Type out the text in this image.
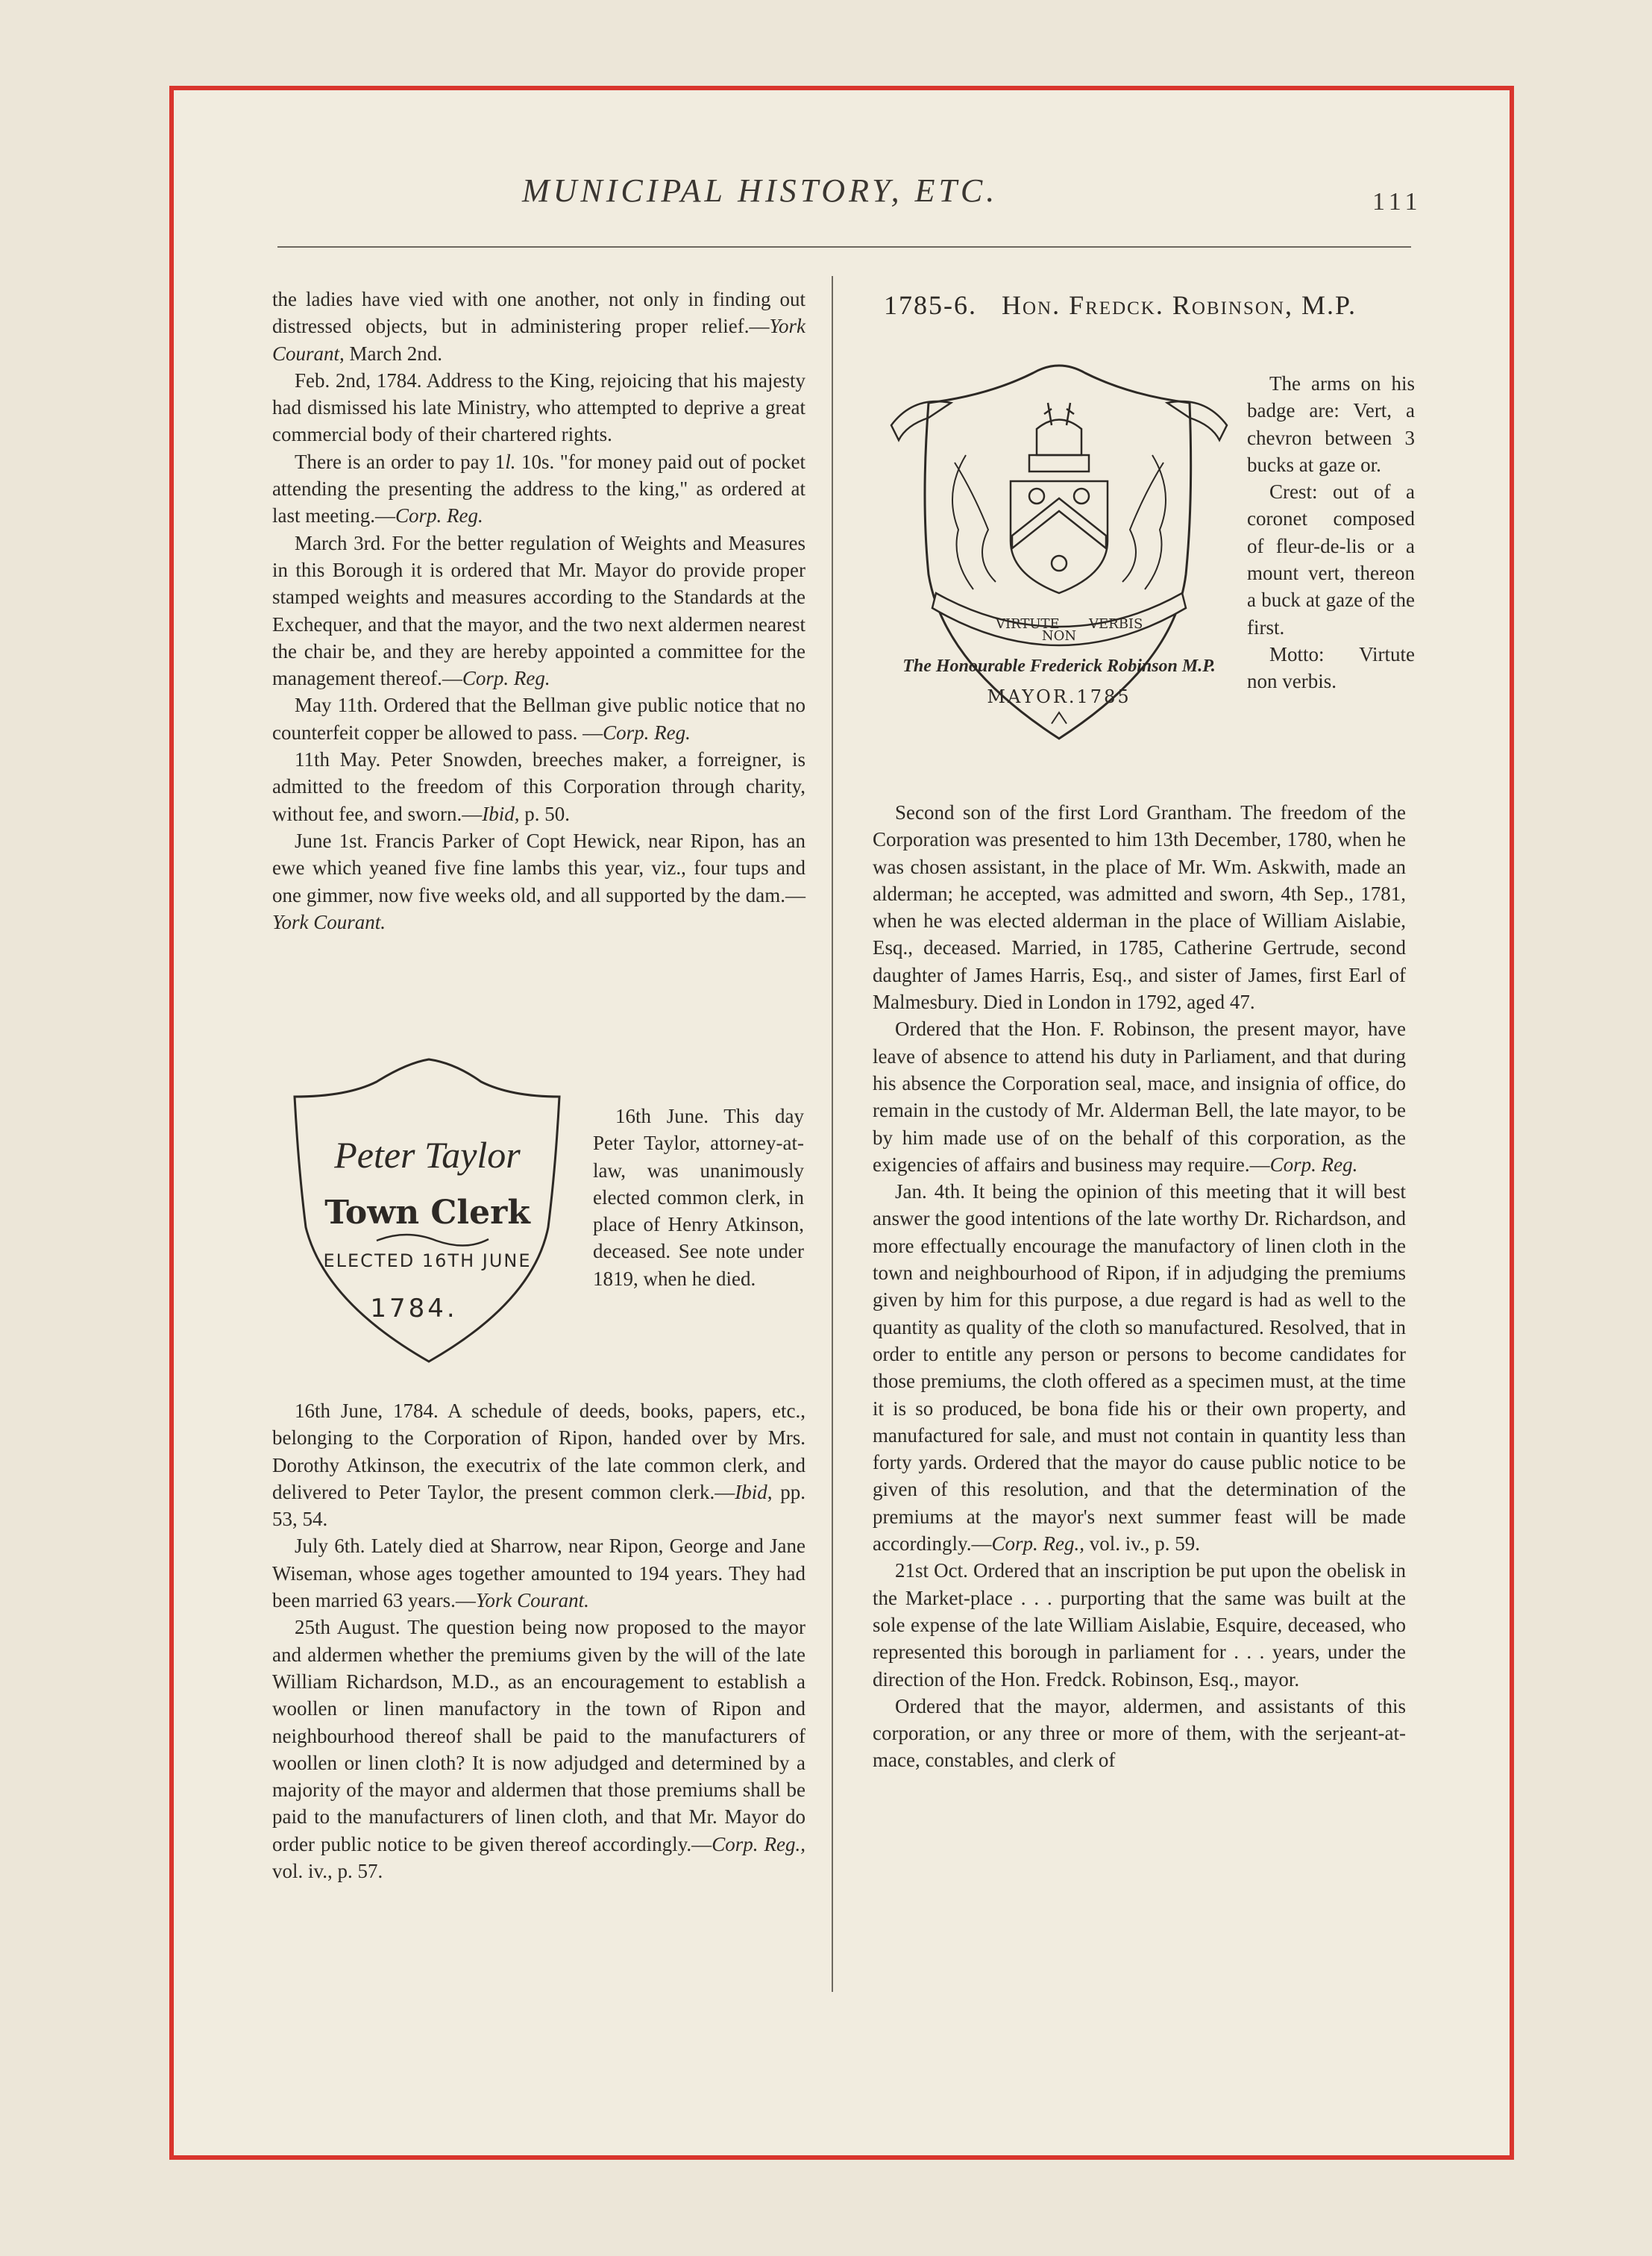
MUNICIPAL HISTORY, ETC.	111

the ladies have vied with one another, not only in finding out distressed objects, but in administering proper relief.—York Courant, March 2nd.

Feb. 2nd, 1784. Address to the King, rejoicing that his majesty had dismissed his late Ministry, who attempted to deprive a great commercial body of their chartered rights.

There is an order to pay 1l. 10s. "for money paid out of pocket attending the presenting the address to the king," as ordered at last meeting.—Corp. Reg.

March 3rd. For the better regulation of Weights and Measures in this Borough it is ordered that Mr. Mayor do provide proper stamped weights and measures according to the Standards at the Exchequer, and that the mayor, and the two next aldermen nearest the chair be, and they are hereby appointed a committee for the management thereof.—Corp. Reg.

May 11th. Ordered that the Bellman give public notice that no counterfeit copper be allowed to pass. —Corp. Reg.

11th May. Peter Snowden, breeches maker, a forreigner, is admitted to the freedom of this Corporation through charity, without fee, and sworn.—Ibid, p. 50.

June 1st. Francis Parker of Copt Hewick, near Ripon, has an ewe which yeaned five fine lambs this year, viz., four tups and one gimmer, now five weeks old, and all supported by the dam.—York Courant.

Peter Taylor
Town Clerk
ELECTED 16TH JUNE
1784.

16th June. This day Peter Taylor, attorney-at-law, was unanimously elected common clerk, in place of Henry Atkinson, deceased. See note under 1819, when he died.

16th June, 1784. A schedule of deeds, books, papers, etc., belonging to the Corporation of Ripon, handed over by Mrs. Dorothy Atkinson, the executrix of the late common clerk, and delivered to Peter Taylor, the present common clerk.—Ibid, pp. 53, 54.

July 6th. Lately died at Sharrow, near Ripon, George and Jane Wiseman, whose ages together amounted to 194 years. They had been married 63 years.—York Courant.

25th August. The question being now proposed to the mayor and aldermen whether the premiums given by the will of the late William Richardson, M.D., as an encouragement to establish a woollen or linen manufactory in the town of Ripon and neighbourhood thereof shall be paid to the manufacturers of woollen or linen cloth? It is now adjudged and determined by a majority of the mayor and aldermen that those premiums shall be paid to the manufacturers of linen cloth, and that Mr. Mayor do order public notice to be given thereof accordingly.—Corp. Reg., vol. iv., p. 57.

1785-6. Hon. Fredck. Robinson, M.P.
VIRTUTE
NON
VERBIS
The Honourable Frederick Robinson M.P.
MAYOR.1785

The arms on his badge are: Vert, a chevron between 3 bucks at gaze or.

Crest: out of a coronet composed of fleur-de-lis or a mount vert, thereon a buck at gaze of the first.

Motto: Virtute non verbis.

Second son of the first Lord Grantham. The freedom of the Corporation was presented to him 13th December, 1780, when he was chosen assistant, in the place of Mr. Wm. Askwith, made an alderman; he accepted, was admitted and sworn, 4th Sep., 1781, when he was elected alderman in the place of William Aislabie, Esq., deceased. Married, in 1785, Catherine Gertrude, second daughter of James Harris, Esq., and sister of James, first Earl of Malmesbury. Died in London in 1792, aged 47.

Ordered that the Hon. F. Robinson, the present mayor, have leave of absence to attend his duty in Parliament, and that during his absence the Corporation seal, mace, and insignia of office, do remain in the custody of Mr. Alderman Bell, the late mayor, to be by him made use of on the behalf of this corporation, as the exigencies of affairs and business may require.—Corp. Reg.

Jan. 4th. It being the opinion of this meeting that it will best answer the good intentions of the late worthy Dr. Richardson, and more effectually encourage the manufactory of linen cloth in the town and neighbourhood of Ripon, if in adjudging the premiums given by him for this purpose, a due regard is had as well to the quantity as quality of the cloth so manufactured. Resolved, that in order to entitle any person or persons to become candidates for those premiums, the cloth offered as a specimen must, at the time it is so produced, be bona fide his or their own property, and manufactured for sale, and must not contain in quantity less than forty yards. Ordered that the mayor do cause public notice to be given of this resolution, and that the determination of the premiums at the mayor's next summer feast will be made accordingly.—Corp. Reg., vol. iv., p. 59.

21st Oct. Ordered that an inscription be put upon the obelisk in the Market-place . . . purporting that the same was built at the sole expense of the late William Aislabie, Esquire, deceased, who represented this borough in parliament for . . . years, under the direction of the Hon. Fredck. Robinson, Esq., mayor.

Ordered that the mayor, aldermen, and assistants of this corporation, or any three or more of them, with the serjeant-at-mace, constables, and clerk of
